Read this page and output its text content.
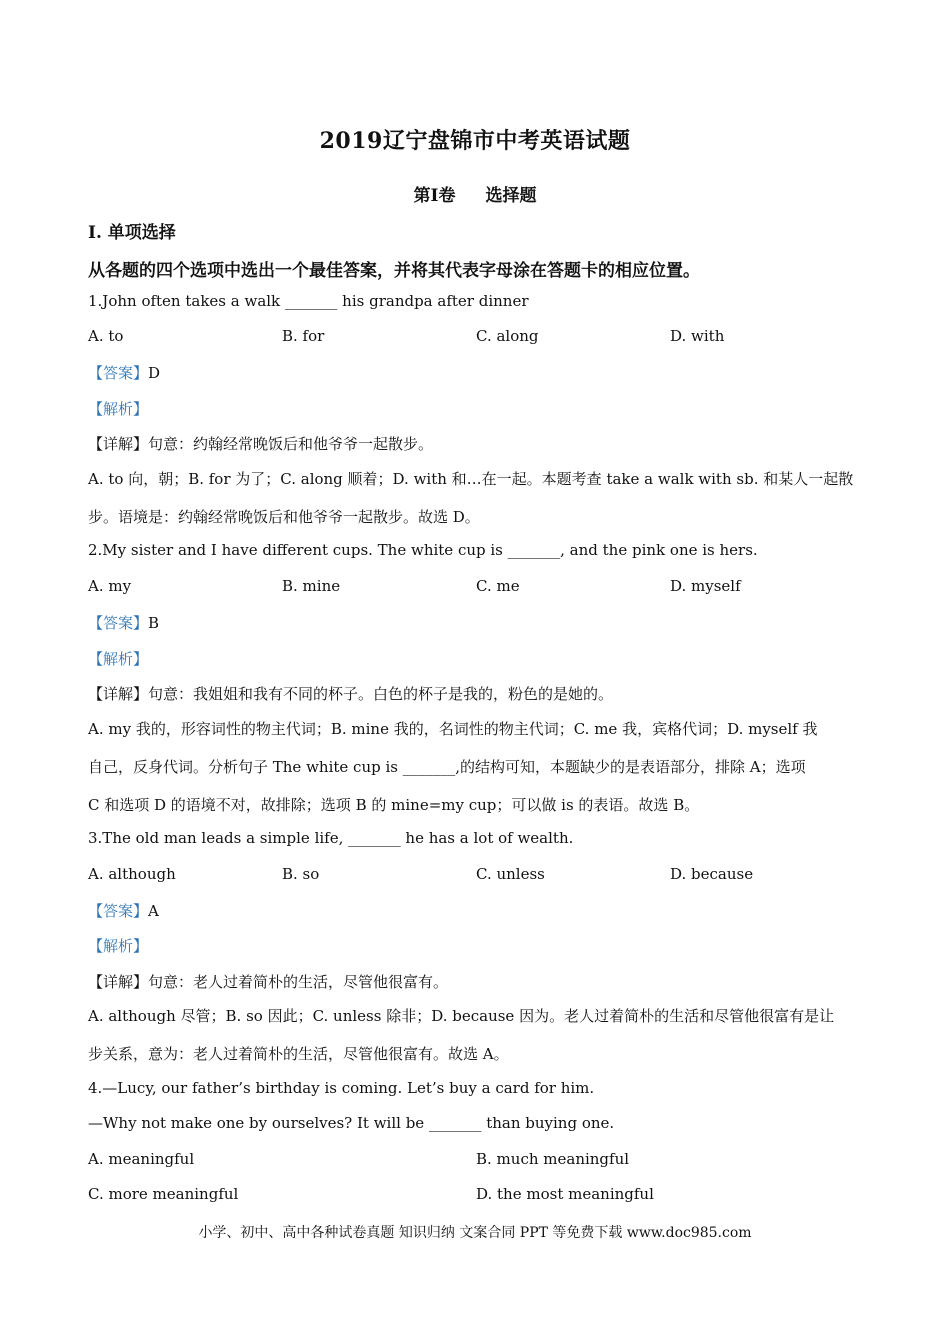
2019辽宁盘锦市中考英语试题
第Ⅰ卷 选择题
Ⅰ. 单项选择
从各题的四个选项中选出一个最佳答案，并将其代表字母涂在答题卡的相应位置。
1.John often takes a walk _______ his grandpa after dinner
A. to	B. for	C. along	D. with
【答案】D
【解析】
【详解】句意：约翰经常晚饭后和他爷爷一起散步。
A. to 向，朝；B. for 为了；C. along 顺着；D. with 和…在一起。本题考查 take a walk with sb. 和某人一起散
步。语境是：约翰经常晚饭后和他爷爷一起散步。故选 D。
2.My sister and I have different cups. The white cup is _______, and the pink one is hers.
A. my	B. mine	C. me	D. myself
【答案】B
【解析】
【详解】句意：我姐姐和我有不同的杯子。白色的杯子是我的，粉色的是她的。
A. my 我的，形容词性的物主代词；B. mine 我的，名词性的物主代词；C. me 我，宾格代词；D. myself 我
自己，反身代词。分析句子 The white cup is _______,的结构可知，本题缺少的是表语部分，排除 A；选项
C 和选项 D 的语境不对，故排除；选项 B 的 mine=my cup；可以做 is 的表语。故选 B。
3.The old man leads a simple life, _______ he has a lot of wealth.
A. although	B. so	C. unless	D. because
【答案】A
【解析】
【详解】句意：老人过着简朴的生活，尽管他很富有。
A. although 尽管；B. so 因此；C. unless 除非；D. because 因为。老人过着简朴的生活和尽管他很富有是让
步关系，意为：老人过着简朴的生活，尽管他很富有。故选 A。
4.—Lucy, our father’s birthday is coming. Let’s buy a card for him.
—Why not make one by ourselves? It will be _______ than buying one.
A. meaningful	B. much meaningful
C. more meaningful	D. the most meaningful
小学、初中、高中各种试卷真题 知识归纳 文案合同 PPT 等免费下载 www.doc985.com
